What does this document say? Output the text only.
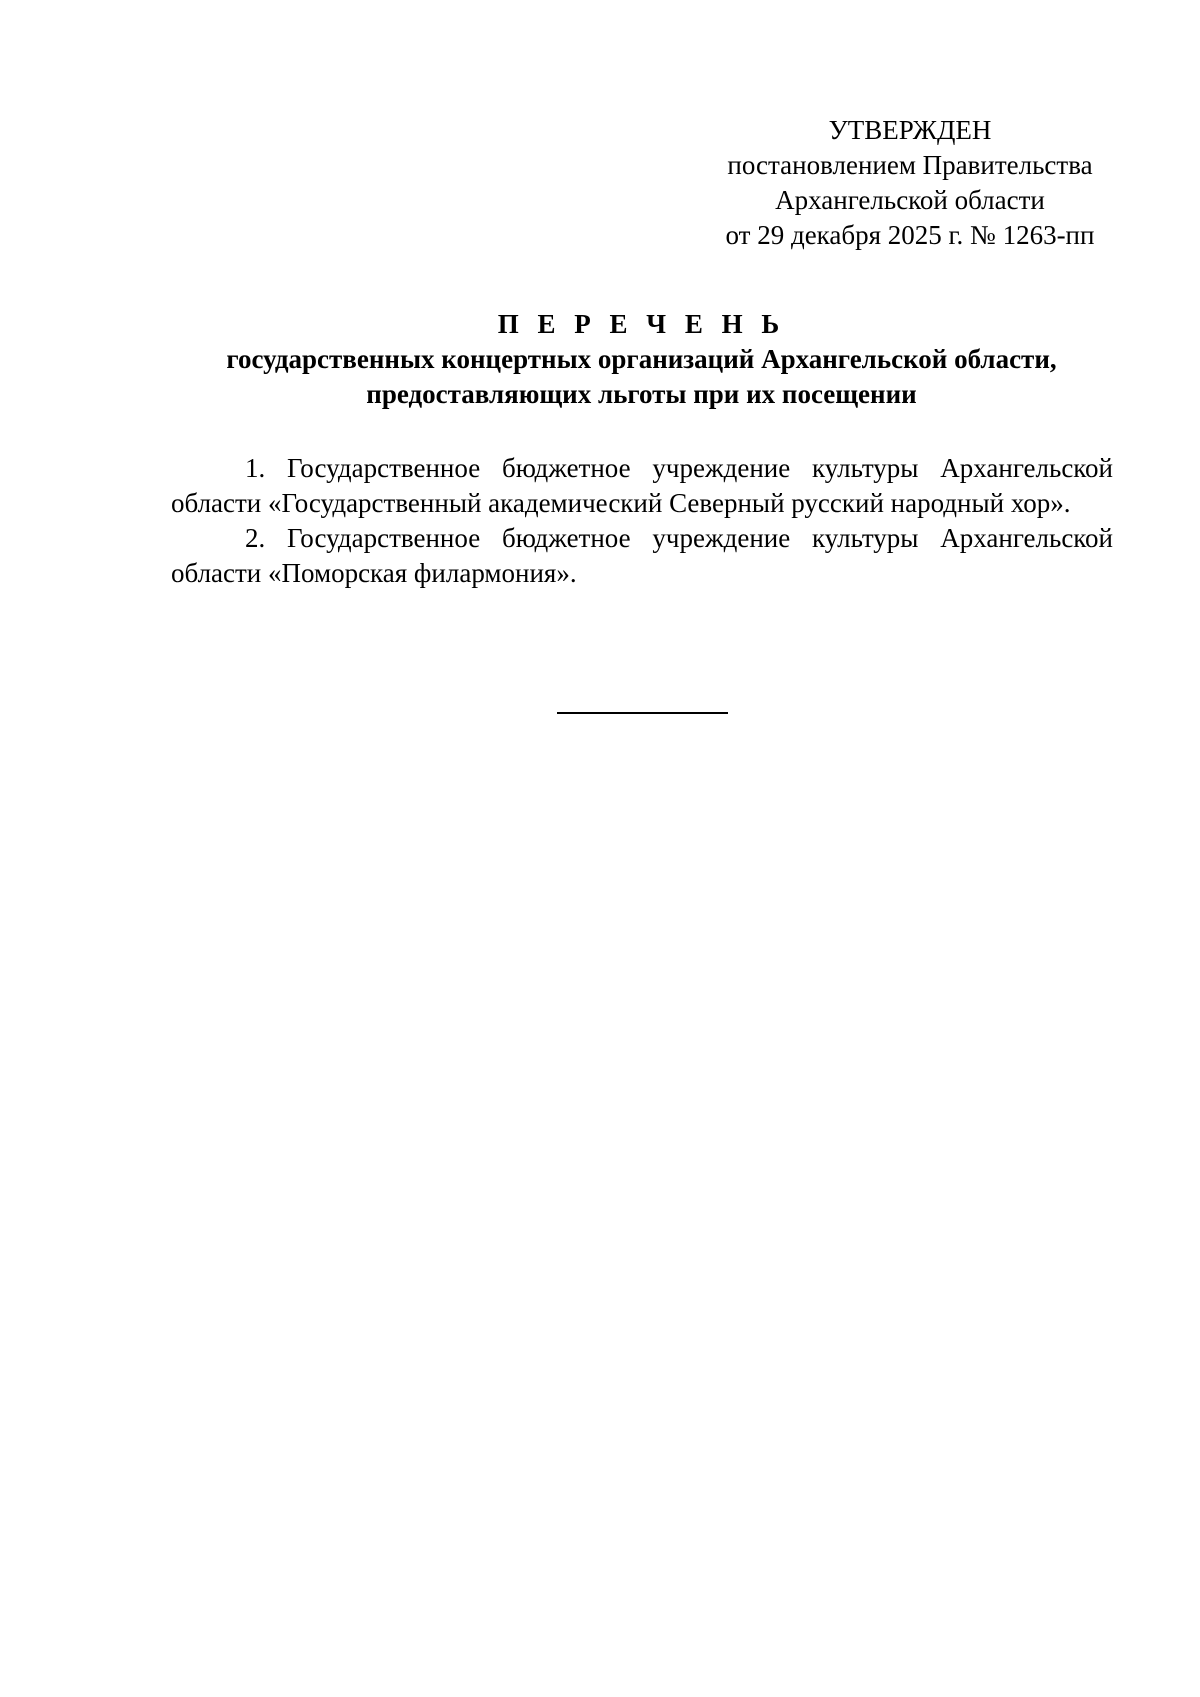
УТВЕРЖДЕН
постановлением Правительства
Архангельской области
от 29 декабря 2025 г. № 1263-пп
П Е Р Е Ч Е Н Ь
государственных концертных организаций Архангельской области,
предоставляющих льготы при их посещении

1. Государственное бюджетное учреждение культуры Архангельской области «Государственный академический Северный русский народный хор».

2. Государственное бюджетное учреждение культуры Архангельской области «Поморская филармония».
